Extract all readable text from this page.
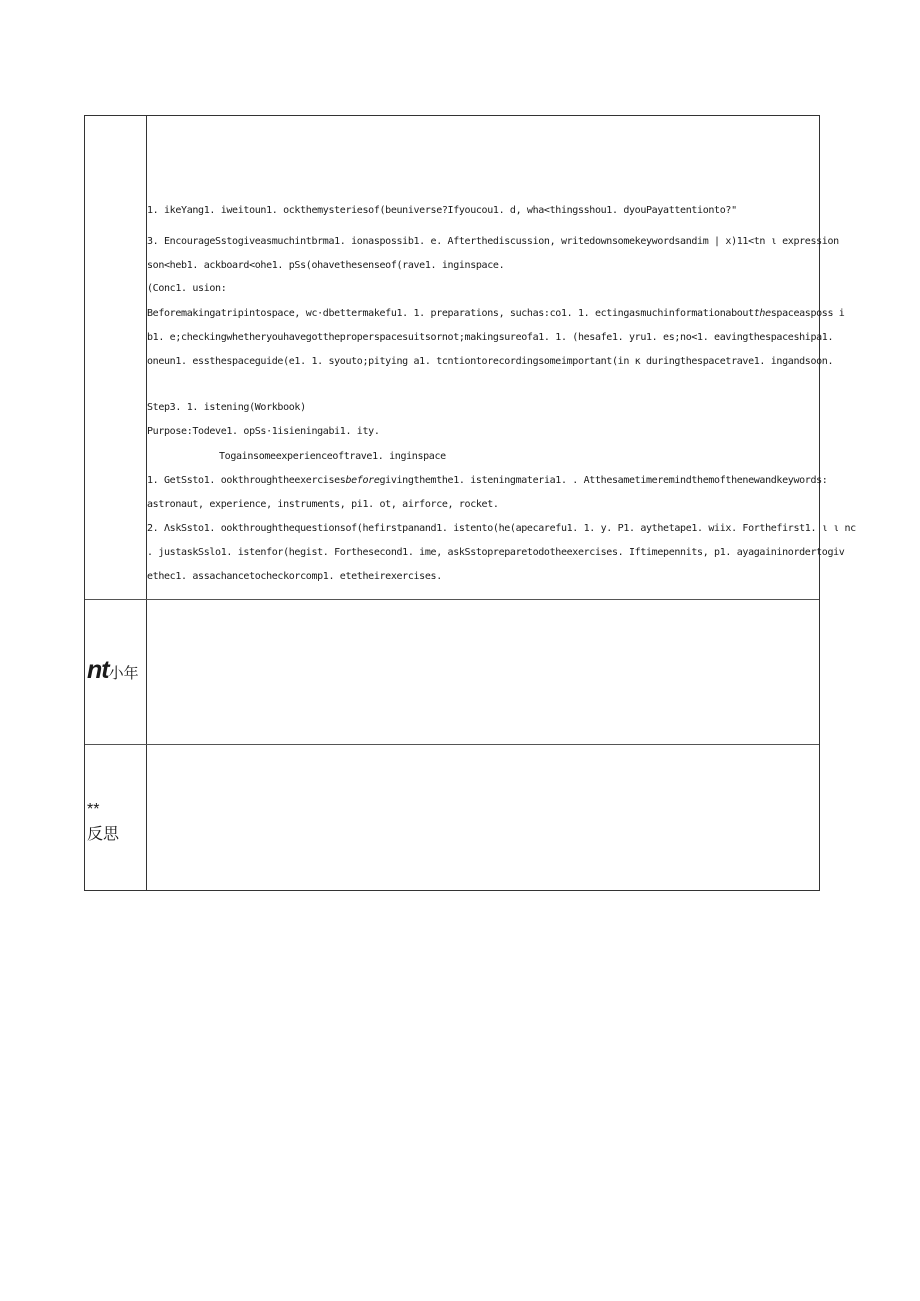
1. ikeYang1. iweitoun1. ockthemysteriesof(beuniverse?Ifyoucou1. d, wha<thingsshou1. dyouPayattentionto?"

3. EncourageSstogiveasmuchintbrma1. ionaspossib1. e. Afterthediscussion, writedownsomekeywordsandim | x)11<tn ι expression

son<heb1. ackboard<ohe1. pSs(ohavethesenseof(rave1. inginspace.

(Conc1. usion:

Beforemakingatripintospace, wc·dbettermakefu1. 1. preparations, suchas:co1. 1. ectingasmuchinformationaboutthespaceasposs i

b1. e;checkingwhetheryouhavegottheproperspacesuitsornot;makingsureofa1. 1. (hesafe1. yru1. es;no<1. eavingthespaceshipa1.

oneun1. essthespaceguide(e1. 1. syouto;pitying a1. tcntiontorecordingsomeimportant(in κ duringthespacetrave1. ingandsoon.

Step3. 1. istening(Workbook)

Purpose:Todeve1. opSs·1isieningabi1. ity.

Togainsomeexperienceoftrave1. inginspace

1. GetSsto1. ookthroughtheexercisesbeforegivingthemthe1. isteningmateria1. . Atthesametimeremindthemofthenewandkeywords:

astronaut, experience, instruments, pi1. ot, airforce, rocket.

2. ΛskSsto1. ookthroughthequestionsof(hefirstpanand1. istento(he(apecarefu1. 1. y. P1. aythetape1. wiix. Forthefirst1. ι ι nc

. justaskSslo1. istenfor(hegist. Forthesecond1. ime, askSstopreparetodotheexercises. Iftimepennits, p1. ayagaininordertogiv

ethec1. assachancetocheckorcomp1. etetheirexercises.

nt小年
**
反思
